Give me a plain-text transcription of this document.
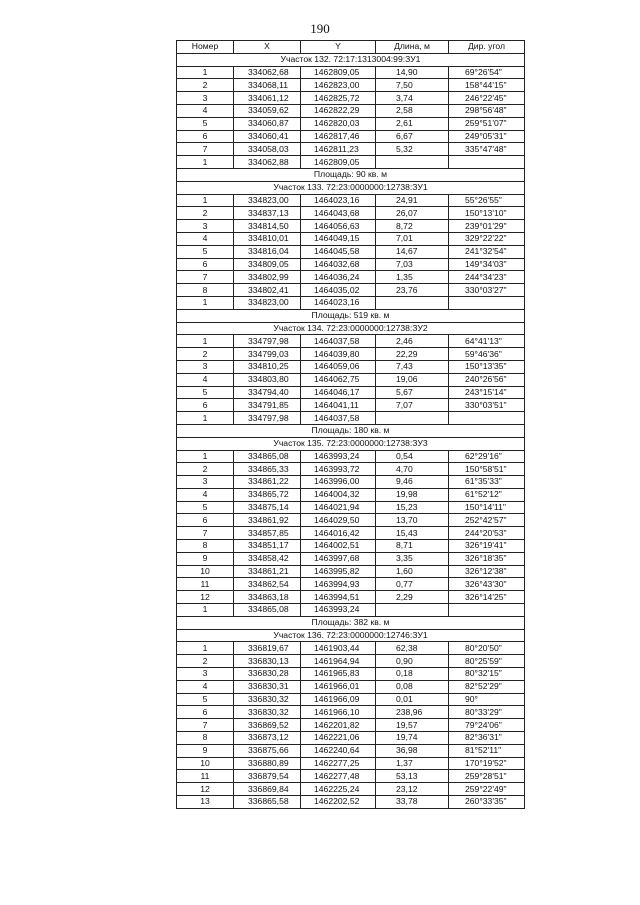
190
Номер	X	Y	Длина, м	Дир. угол
Участок 132. 72:17:1313004:99:ЗУ1				
1	334062,68	1462809,05	14,90	69°26'54"
2	334068,11	1462823,00	7,50	158°44'15"
3	334061,12	1462825,72	3,74	246°22'45"
4	334059,62	1462822,29	2,58	298°56'48"
5	334060,87	1462820,03	2,61	259°51'07"
6	334060,41	1462817,46	6,67	249°05'31"
7	334058,03	1462811,23	5,32	335°47'48"
1	334062,88	1462809,05		
Площадь: 90 кв. м				
Участок 133. 72:23:0000000:12738:ЗУ1				
1	334823,00	1464023,16	24,91	55°26'55"
2	334837,13	1464043,68	26,07	150°13'10"
3	334814,50	1464056,63	8,72	239°01'29"
4	334810,01	1464049,15	7,01	329°22'22"
5	334816,04	1464045,58	14,67	241°32'54"
6	334809,05	1464032,68	7,03	149°34'03"
7	334802,99	1464036,24	1,35	244°34'23"
8	334802,41	1464035,02	23,76	330°03'27"
1	334823,00	1464023,16		
Площадь: 519 кв. м				
Участок 134. 72:23:0000000:12738:ЗУ2				
1	334797,98	1464037,58	2,46	64°41'13"
2	334799,03	1464039,80	22,29	59°46'36"
3	334810,25	1464059,06	7,43	150°13'35"
4	334803,80	1464062,75	19,06	240°26'56"
5	334794,40	1464046,17	5,67	243°15'14"
6	334791,85	1464041,11	7,07	330°03'51"
1	334797,98	1464037,58		
Площадь: 180 кв. м				
Участок 135. 72:23:0000000:12738:ЗУ3				
1	334865,08	1463993,24	0,54	62°29'16"
2	334865,33	1463993,72	4,70	150°58'51"
3	334861,22	1463996,00	9,46	61°35'33"
4	334865,72	1464004,32	19,98	61°52'12"
5	334875,14	1464021,94	15,23	150°14'11"
6	334861,92	1464029,50	13,70	252°42'57"
7	334857,85	1464016,42	15,43	244°20'53"
8	334851,17	1464002,51	8,71	326°19'41"
9	334858,42	1463997,68	3,35	326°18'35"
10	334861,21	1463995,82	1,60	326°12'38"
11	334862,54	1463994,93	0,77	326°43'30"
12	334863,18	1463994,51	2,29	326°14'25"
1	334865,08	1463993,24		
Площадь: 382 кв. м				
Участок 136. 72:23:0000000:12746:ЗУ1				
1	336819,67	1461903,44	62,38	80°20'50"
2	336830,13	1461964,94	0,90	80°25'59"
3	336830,28	1461965,83	0,18	80°32'15"
4	336830,31	1461966,01	0,08	82°52'29"
5	336830,32	1461966,09	0,01	90°
6	336830,32	1461966,10	238,96	80°33'29"
7	336869,52	1462201,82	19,57	79°24'06"
8	336873,12	1462221,06	19,74	82°36'31"
9	336875,66	1462240,64	36,98	81°52'11"
10	336880,89	1462277,25	1,37	170°19'52"
11	336879,54	1462277,48	53,13	259°28'51"
12	336869,84	1462225,24	23,12	259°22'49"
13	336865,58	1462202,52	33,78	260°33'35"
